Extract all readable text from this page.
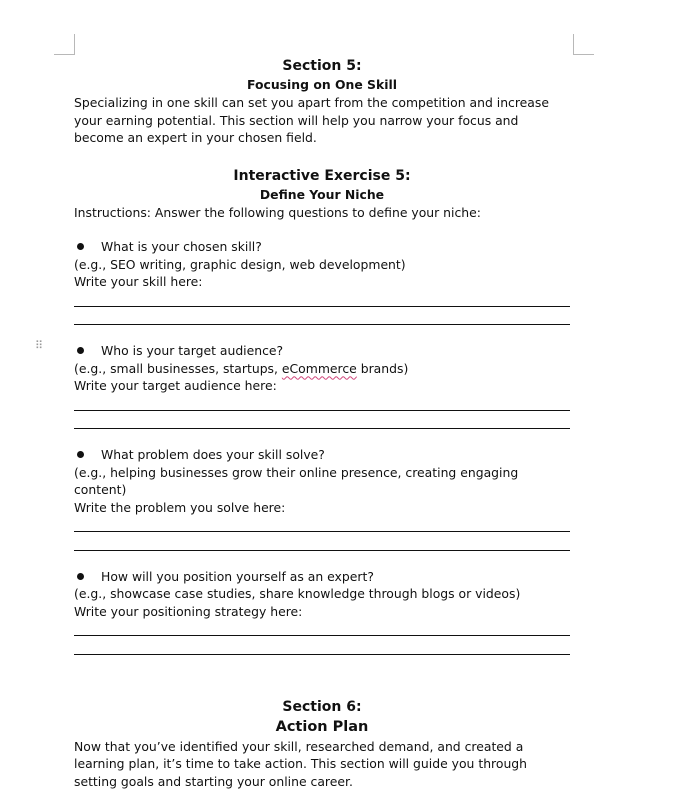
⠿
Section 5:
Focusing on One Skill

Specializing in one skill can set you apart from the competition and increase your earning potential. This section will help you narrow your focus and become an expert in your chosen field.

Interactive Exercise 5:
Define Your Niche

Instructions: Answer the following questions to define your niche:

What is your chosen skill?

(e.g., SEO writing, graphic design, web development)

Write your skill here:

Who is your target audience?

(e.g., small businesses, startups, eCommerce brands)

Write your target audience here:

What problem does your skill solve?

(e.g., helping businesses grow their online presence, creating engaging content)

Write the problem you solve here:

How will you position yourself as an expert?

(e.g., showcase case studies, share knowledge through blogs or videos)

Write your positioning strategy here:

Section 6:
Action Plan

Now that you’ve identified your skill, researched demand, and created a learning plan, it’s time to take action. This section will guide you through setting goals and starting your online career.
